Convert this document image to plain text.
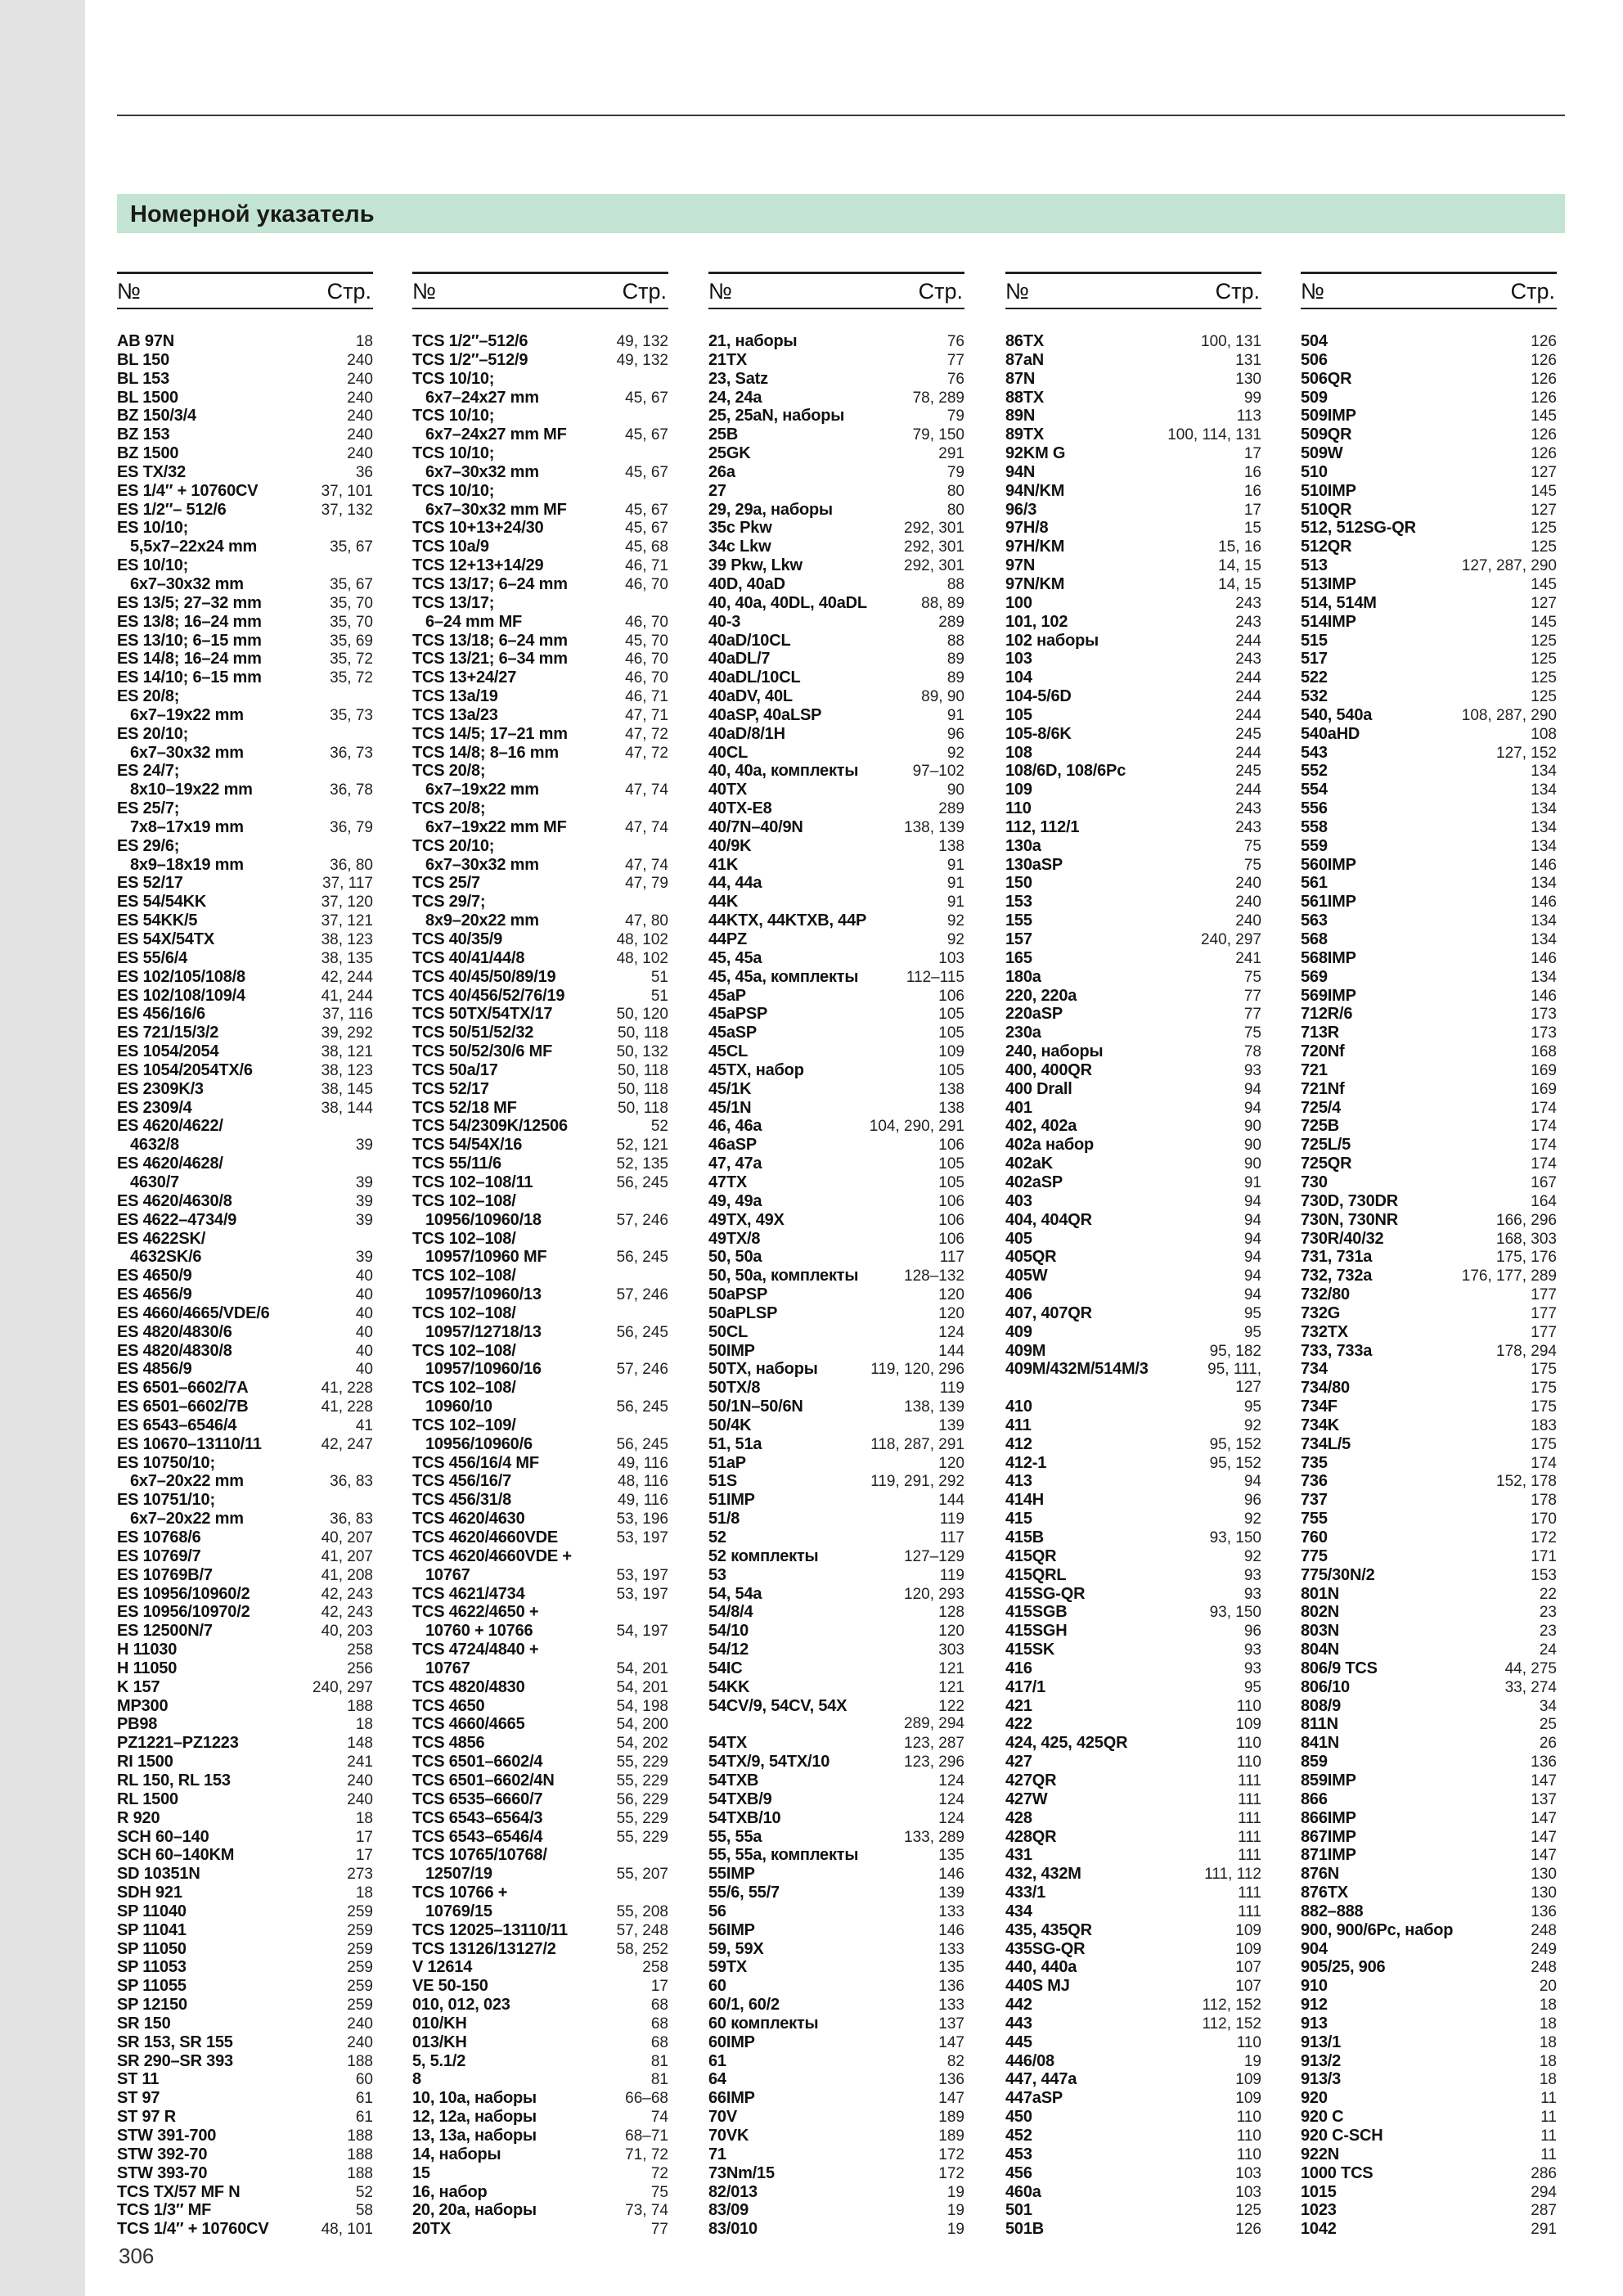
Номерной указатель
№	Стр.
AB 97N	18
BL 150	240
BL 153	240
BL 1500	240
BZ 150/3/4	240
BZ 153	240
BZ 1500	240
ES TX/32	36
ES 1/4″ + 10760CV	37, 101
ES 1/2″– 512/6	37, 132
ES 10/10;
5,5x7–22x24 mm	35, 67
ES 10/10;
6x7–30x32 mm	35, 67
ES 13/5; 27–32 mm	35, 70
ES 13/8; 16–24 mm	35, 70
ES 13/10; 6–15 mm	35, 69
ES 14/8; 16–24 mm	35, 72
ES 14/10; 6–15 mm	35, 72
ES 20/8;
6x7–19x22 mm	35, 73
ES 20/10;
6x7–30x32 mm	36, 73
ES 24/7;
8x10–19x22 mm	36, 78
ES 25/7;
7x8–17x19 mm	36, 79
ES 29/6;
8x9–18x19 mm	36, 80
ES 52/17	37, 117
ES 54/54KK	37, 120
ES 54KK/5	37, 121
ES 54X/54TX	38, 123
ES 55/6/4	38, 135
ES 102/105/108/8	42, 244
ES 102/108/109/4	41, 244
ES 456/16/6	37, 116
ES 721/15/3/2	39, 292
ES 1054/2054	38, 121
ES 1054/2054TX/6	38, 123
ES 2309K/3	38, 145
ES 2309/4	38, 144
ES 4620/4622/
4632/8	39
ES 4620/4628/
4630/7	39
ES 4620/4630/8	39
ES 4622–4734/9	39
ES 4622SK/
4632SK/6	39
ES 4650/9	40
ES 4656/9	40
ES 4660/4665/VDE/6	40
ES 4820/4830/6	40
ES 4820/4830/8	40
ES 4856/9	40
ES 6501–6602/7A	41, 228
ES 6501–6602/7B	41, 228
ES 6543–6546/4	41
ES 10670–13110/11	42, 247
ES 10750/10;
6x7–20x22 mm	36, 83
ES 10751/10;
6x7–20x22 mm	36, 83
ES 10768/6	40, 207
ES 10769/7	41, 207
ES 10769B/7	41, 208
ES 10956/10960/2	42, 243
ES 10956/10970/2	42, 243
ES 12500N/7	40, 203
H 11030	258
H 11050	256
K 157	240, 297
MP300	188
PB98	18
PZ1221–PZ1223	148
RI 1500	241
RL 150, RL 153	240
RL 1500	240
R 920	18
SCH 60–140	17
SCH 60–140KM	17
SD 10351N	273
SDH 921	18
SP 11040	259
SP 11041	259
SP 11050	259
SP 11053	259
SP 11055	259
SP 12150	259
SR 150	240
SR 153, SR 155	240
SR 290–SR 393	188
ST 11	60
ST 97	61
ST 97 R	61
STW 391-700	188
STW 392-70	188
STW 393-70	188
TCS TX/57 MF N	52
TCS 1/3″ MF	58
TCS 1/4″ + 10760CV	48, 101
№	Стр.
TCS 1/2″–512/6	49, 132
TCS 1/2″–512/9	49, 132
TCS 10/10;
6x7–24x27 mm	45, 67
TCS 10/10;
6x7–24x27 mm MF	45, 67
TCS 10/10;
6x7–30x32 mm	45, 67
TCS 10/10;
6x7–30x32 mm MF	45, 67
TCS 10+13+24/30	45, 67
TCS 10a/9	45, 68
TCS 12+13+14/29	46, 71
TCS 13/17; 6–24 mm	46, 70
TCS 13/17;
6–24 mm MF	46, 70
TCS 13/18; 6–24 mm	45, 70
TCS 13/21; 6–34 mm	46, 70
TCS 13+24/27	46, 70
TCS 13a/19	46, 71
TCS 13a/23	47, 71
TCS 14/5; 17–21 mm	47, 72
TCS 14/8; 8–16 mm	47, 72
TCS 20/8;
6x7–19x22 mm	47, 74
TCS 20/8;
6x7–19x22 mm MF	47, 74
TCS 20/10;
6x7–30x32 mm	47, 74
TCS 25/7	47, 79
TCS 29/7;
8x9–20x22 mm	47, 80
TCS 40/35/9	48, 102
TCS 40/41/44/8	48, 102
TCS 40/45/50/89/19	51
TCS 40/456/52/76/19	51
TCS 50TX/54TX/17	50, 120
TCS 50/51/52/32	50, 118
TCS 50/52/30/6 MF	50, 132
TCS 50a/17	50, 118
TCS 52/17	50, 118
TCS 52/18 MF	50, 118
TCS 54/2309K/12506	52
TCS 54/54X/16	52, 121
TCS 55/11/6	52, 135
TCS 102–108/11	56, 245
TCS 102–108/
10956/10960/18	57, 246
TCS 102–108/
10957/10960 MF	56, 245
TCS 102–108/
10957/10960/13	57, 246
TCS 102–108/
10957/12718/13	56, 245
TCS 102–108/
10957/10960/16	57, 246
TCS 102–108/
10960/10	56, 245
TCS 102–109/
10956/10960/6	56, 245
TCS 456/16/4 MF	49, 116
TCS 456/16/7	48, 116
TCS 456/31/8	49, 116
TCS 4620/4630	53, 196
TCS 4620/4660VDE	53, 197
TCS 4620/4660VDE +
10767	53, 197
TCS 4621/4734	53, 197
TCS 4622/4650 +
10760 + 10766	54, 197
TCS 4724/4840 +
10767	54, 201
TCS 4820/4830	54, 201
TCS 4650	54, 198
TCS 4660/4665	54, 200
TCS 4856	54, 202
TCS 6501–6602/4	55, 229
TCS 6501–6602/4N	55, 229
TCS 6535–6660/7	56, 229
TCS 6543–6564/3	55, 229
TCS 6543–6546/4	55, 229
TCS 10765/10768/
12507/19	55, 207
TCS 10766 +
10769/15	55, 208
TCS 12025–13110/11	57, 248
TCS 13126/13127/2	58, 252
V 12614	258
VE 50-150	17
010, 012, 023	68
010/KH	68
013/KH	68
5, 5.1/2	81
8	81
10, 10a, наборы	66–68
12, 12a, наборы	74
13, 13a, наборы	68–71
14, наборы	71, 72
15	72
16, набор	75
20, 20a, наборы	73, 74
20TX	77
№	Стр.
21, наборы	76
21TX	77
23, Satz	76
24, 24a	78, 289
25, 25aN, наборы	79
25B	79, 150
25GK	291
26a	79
27	80
29, 29a, наборы	80
35c Pkw	292, 301
34c Lkw	292, 301
39 Pkw, Lkw	292, 301
40D, 40aD	88
40, 40a, 40DL, 40aDL	88, 89
40-3	289
40aD/10CL	88
40aDL/7	89
40aDL/10CL	89
40aDV, 40L	89, 90
40aSP, 40aLSP	91
40aD/8/1H	96
40CL	92
40, 40a, комплекты	97–102
40TX	90
40TX-E8	289
40/7N–40/9N	138, 139
40/9K	138
41K	91
44, 44a	91
44K	91
44KTX, 44KTXB, 44P	92
44PZ	92
45, 45a	103
45, 45a, комплекты	112–115
45aP	106
45aPSP	105
45aSP	105
45CL	109
45TX, набор	105
45/1K	138
45/1N	138
46, 46a	104, 290, 291
46aSP	106
47, 47a	105
47TX	105
49, 49a	106
49TX, 49X	106
49TX/8	106
50, 50a	117
50, 50a, комплекты	128–132
50aPSP	120
50aPLSP	120
50CL	124
50IMP	144
50TX, наборы	119, 120, 296
50TX/8	119
50/1N–50/6N	138, 139
50/4K	139
51, 51a	118, 287, 291
51aP	120
51S	119, 291, 292
51IMP	144
51/8	119
52	117
52 комплекты	127–129
53	119
54, 54a	120, 293
54/8/4	128
54/10	120
54/12	303
54IC	121
54KK	121
54CV/9, 54CV, 54X	122
289, 294
54TX	123, 287
54TX/9, 54TX/10	123, 296
54TXB	124
54TXB/9	124
54TXB/10	124
55, 55a	133, 289
55, 55a, комплекты	135
55IMP	146
55/6, 55/7	139
56	133
56IMP	146
59, 59X	133
59TX	135
60	136
60/1, 60/2	133
60 комплекты	137
60IMP	147
61	82
64	136
66IMP	147
70V	189
70VK	189
71	172
73Nm/15	172
82/013	19
83/09	19
83/010	19
№	Стр.
86TX	100, 131
87aN	131
87N	130
88TX	99
89N	113
89TX	100, 114, 131
92KM G	17
94N	16
94N/KM	16
96/3	17
97H/8	15
97H/KM	15, 16
97N	14, 15
97N/KM	14, 15
100	243
101, 102	243
102 наборы	244
103	243
104	244
104-5/6D	244
105	244
105-8/6K	245
108	244
108/6D, 108/6Pc	245
109	244
110	243
112, 112/1	243
130a	75
130aSP	75
150	240
153	240
155	240
157	240, 297
165	241
180a	75
220, 220a	77
220aSP	77
230a	75
240, наборы	78
400, 400QR	93
400 Drall	94
401	94
402, 402a	90
402a набор	90
402aK	90
402aSP	91
403	94
404, 404QR	94
405	94
405QR	94
405W	94
406	94
407, 407QR	95
409	95
409M	95, 182
409M/432M/514M/3	95, 111,
127
410	95
411	92
412	95, 152
412-1	95, 152
413	94
414H	96
415	92
415B	93, 150
415QR	92
415QRL	93
415SG-QR	93
415SGB	93, 150
415SGH	96
415SK	93
416	93
417/1	95
421	110
422	109
424, 425, 425QR	110
427	110
427QR	111
427W	111
428	111
428QR	111
431	111
432, 432M	111, 112
433/1	111
434	111
435, 435QR	109
435SG-QR	109
440, 440a	107
440S MJ	107
442	112, 152
443	112, 152
445	110
446/08	19
447, 447a	109
447aSP	109
450	110
452	110
453	110
456	103
460a	103
501	125
501B	126
№	Стр.
504	126
506	126
506QR	126
509	126
509IMP	145
509QR	126
509W	126
510	127
510IMP	145
510QR	127
512, 512SG-QR	125
512QR	125
513	127, 287, 290
513IMP	145
514, 514M	127
514IMP	145
515	125
517	125
522	125
532	125
540, 540a	108, 287, 290
540aHD	108
543	127, 152
552	134
554	134
556	134
558	134
559	134
560IMP	146
561	134
561IMP	146
563	134
568	134
568IMP	146
569	134
569IMP	146
712R/6	173
713R	173
720Nf	168
721	169
721Nf	169
725/4	174
725B	174
725L/5	174
725QR	174
730	167
730D, 730DR	164
730N, 730NR	166, 296
730R/40/32	168, 303
731, 731a	175, 176
732, 732a	176, 177, 289
732/80	177
732G	177
732TX	177
733, 733a	178, 294
734	175
734/80	175
734F	175
734K	183
734L/5	175
735	174
736	152, 178
737	178
755	170
760	172
775	171
775/30N/2	153
801N	22
802N	23
803N	23
804N	24
806/9 TCS	44, 275
806/10	33, 274
808/9	34
811N	25
841N	26
859	136
859IMP	147
866	137
866IMP	147
867IMP	147
871IMP	147
876N	130
876TX	130
882–888	136
900, 900/6Pc, набор	248
904	249
905/25, 906	248
910	20
912	18
913	18
913/1	18
913/2	18
913/3	18
920	11
920 C	11
920 C-SCH	11
922N	11
1000 TCS	286
1015	294
1023	287
1042	291
306
